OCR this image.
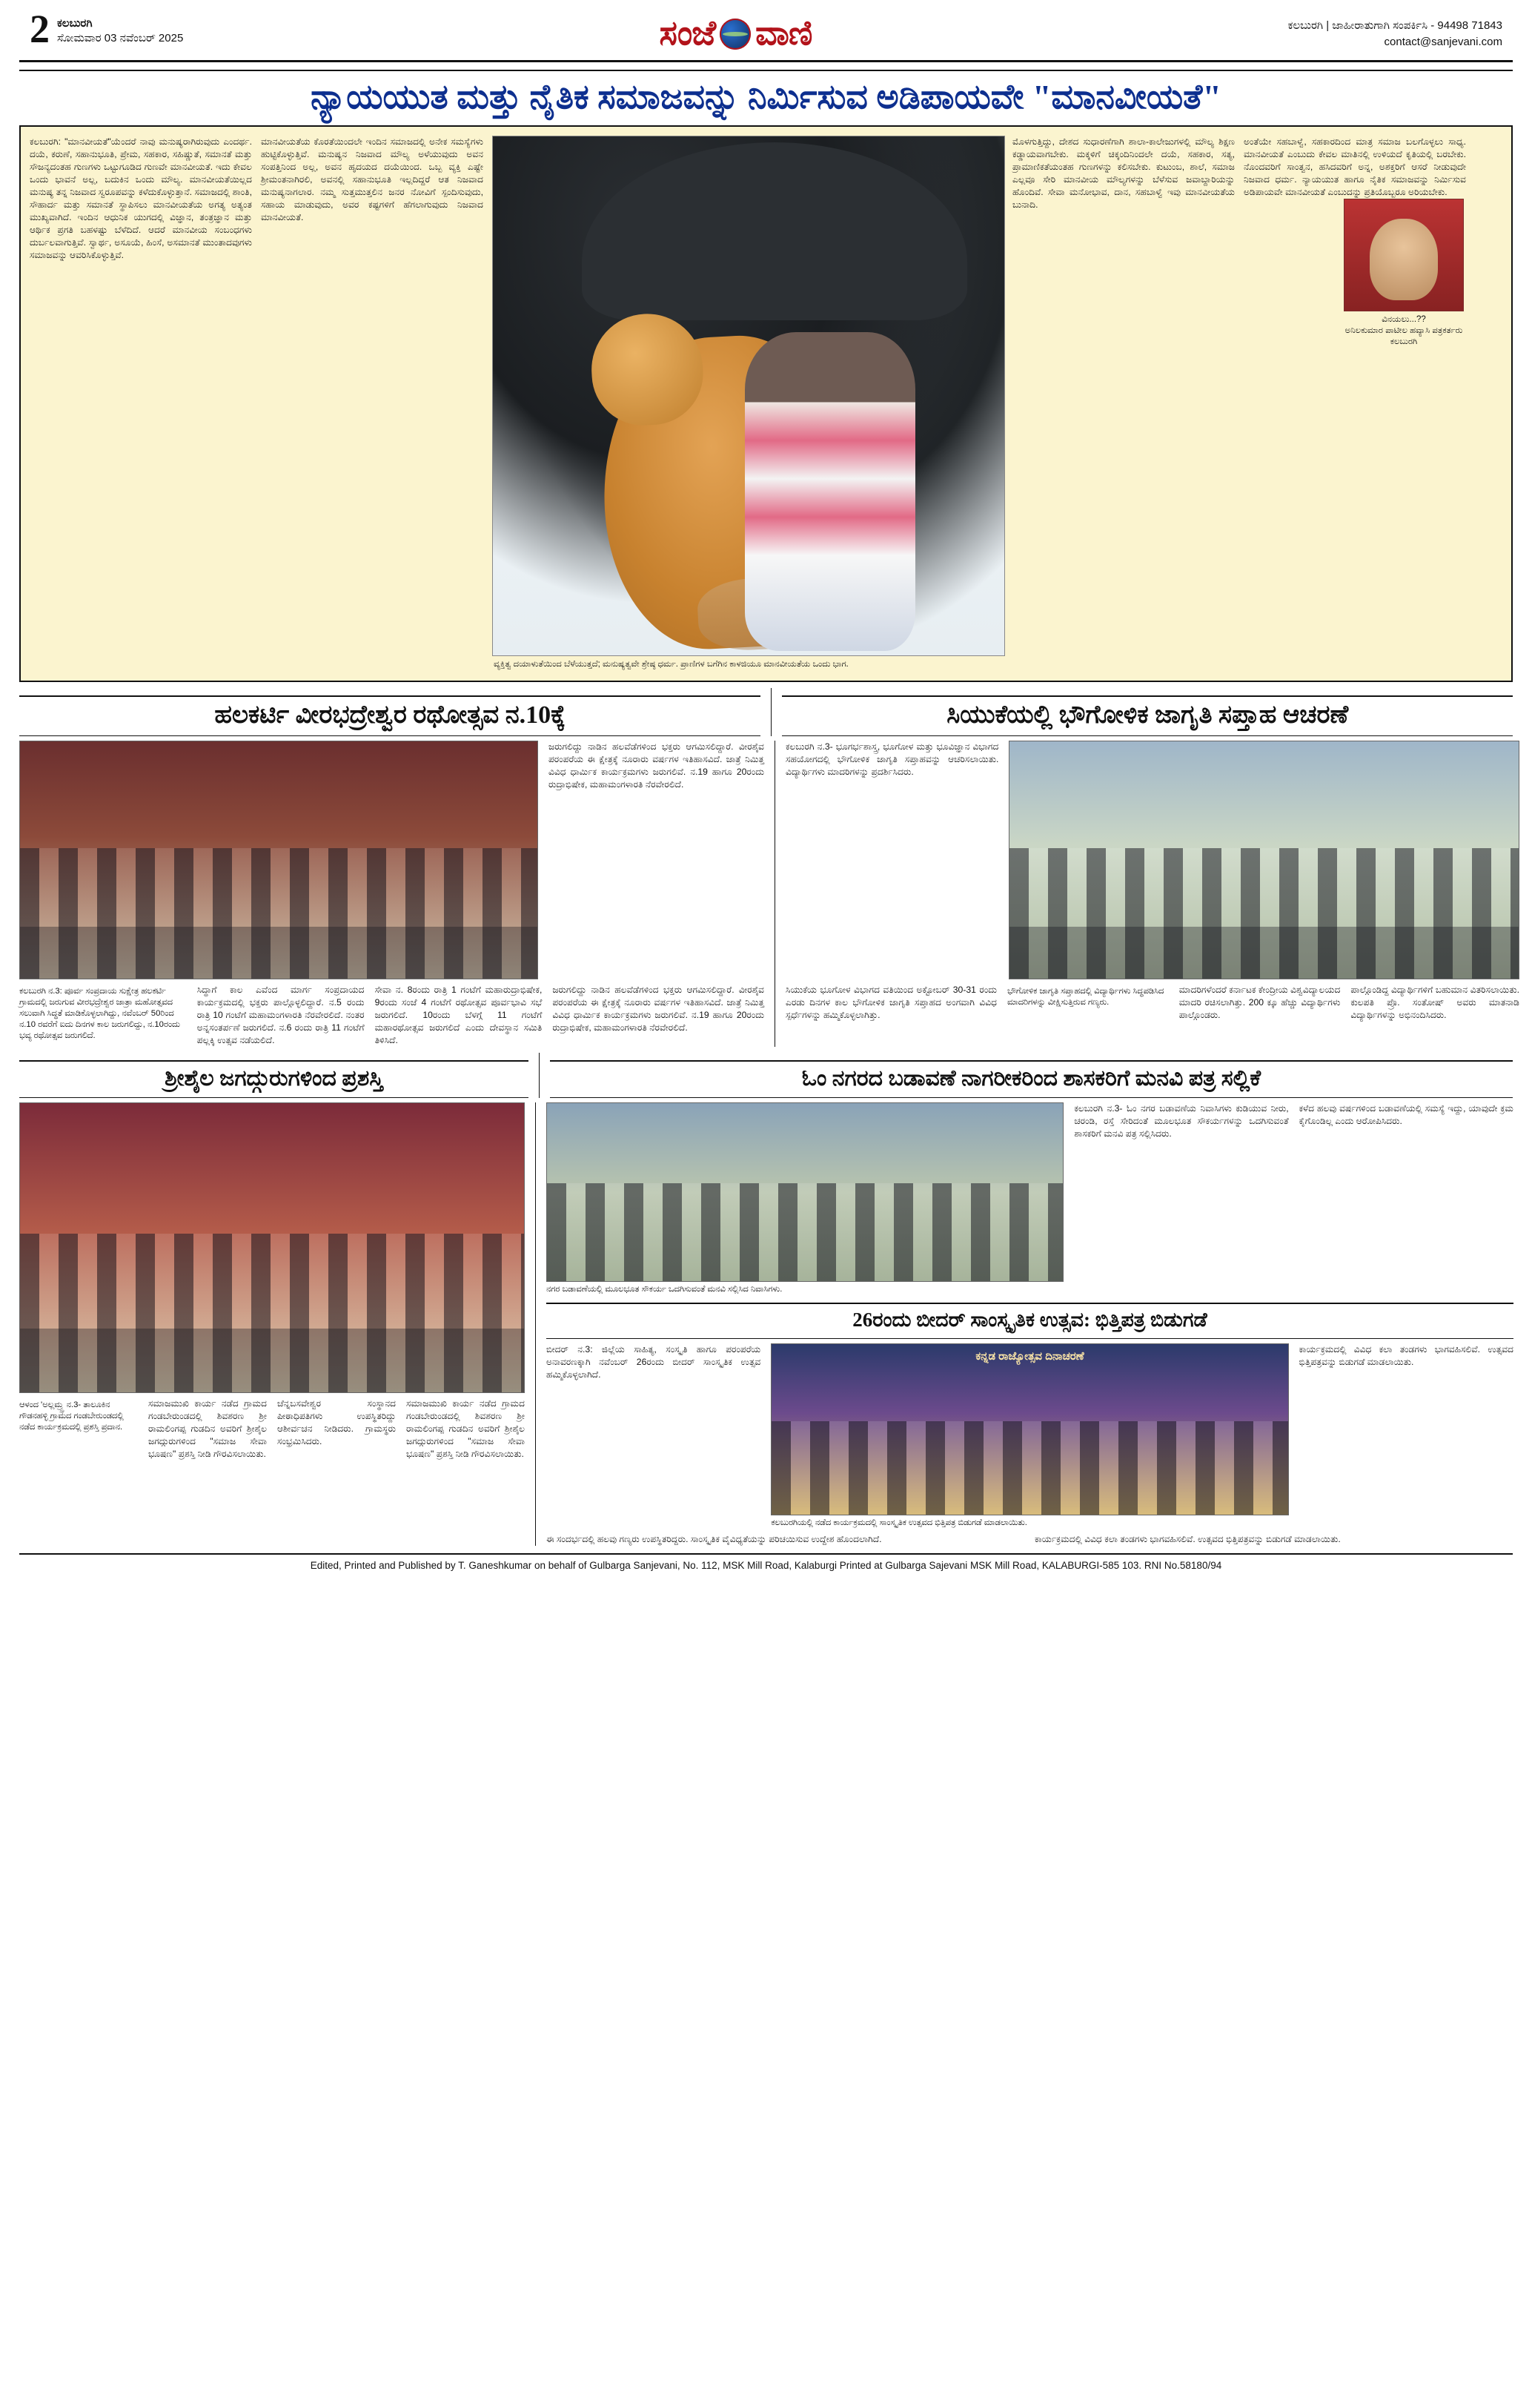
2 ಕಲಬುರಗಿ
ಸೋಮವಾರ 03 ನವೆಂಬರ್ 2025	ಸಂಜೆ ವಾಣಿ	ಕಲಬುರಗಿ | ಜಾಹೀರಾತುಗಾಗಿ ಸಂಪರ್ಕಿಸಿ - 94498 71843
contact@sanjevani.com
ನ್ಯಾಯಯುತ ಮತ್ತು ನೈತಿಕ ಸಮಾಜವನ್ನು ನಿರ್ಮಿಸುವ ಅಡಿಪಾಯವೇ "ಮಾನವೀಯತೆ"
ಕಲಬುರಗಿ: "ಮಾನವೀಯತೆ"ಯೆಂದರೆ ನಾವು ಮನುಷ್ಯರಾಗಿರುವುದು ಎಂದರ್ಥ. ದಯೆ, ಕರುಣೆ, ಸಹಾನುಭೂತಿ, ಪ್ರೇಮ, ಸಹಕಾರ, ಸಹಿಷ್ಣುತೆ, ಸಮಾನತೆ ಮತ್ತು ಸೌಜನ್ಯದಂತಹ ಗುಣಗಳು ಒಟ್ಟುಗೂಡಿದ ಗುಣವೇ ಮಾನವೀಯತೆ. ಇದು ಕೇವಲ ಒಂದು ಭಾವನೆ ಅಲ್ಲ, ಬದುಕಿನ ಒಂದು ಮೌಲ್ಯ. ಮಾನವೀಯತೆಯಿಲ್ಲದ ಮನುಷ್ಯ ತನ್ನ ನಿಜವಾದ ಸ್ವರೂಪವನ್ನು ಕಳೆದುಕೊಳ್ಳುತ್ತಾನೆ. ಸಮಾಜದಲ್ಲಿ ಶಾಂತಿ, ಸೌಹಾರ್ದ ಮತ್ತು ಸಮಾನತೆ ಸ್ಥಾಪಿಸಲು ಮಾನವೀಯತೆಯ ಅಗತ್ಯ ಅತ್ಯಂತ ಮುಖ್ಯವಾಗಿದೆ. ಇಂದಿನ ಆಧುನಿಕ ಯುಗದಲ್ಲಿ ವಿಜ್ಞಾನ, ತಂತ್ರಜ್ಞಾನ ಮತ್ತು ಆರ್ಥಿಕ ಪ್ರಗತಿ ಬಹಳಷ್ಟು ಬೆಳೆದಿದೆ. ಆದರೆ ಮಾನವೀಯ ಸಂಬಂಧಗಳು ದುರ್ಬಲವಾಗುತ್ತಿವೆ. ಸ್ವಾರ್ಥ, ಅಸೂಯೆ, ಹಿಂಸೆ, ಅಸಮಾನತೆ ಮುಂತಾದವುಗಳು ಸಮಾಜವನ್ನು ಆವರಿಸಿಕೊಳ್ಳುತ್ತಿವೆ.
ಮಾನವೀಯತೆಯ ಕೊರತೆಯಿಂದಲೇ ಇಂದಿನ ಸಮಾಜದಲ್ಲಿ ಅನೇಕ ಸಮಸ್ಯೆಗಳು ಹುಟ್ಟಿಕೊಳ್ಳುತ್ತಿವೆ. ಮನುಷ್ಯನ ನಿಜವಾದ ಮೌಲ್ಯ ಅಳೆಯುವುದು ಅವನ ಸಂಪತ್ತಿನಿಂದ ಅಲ್ಲ, ಅವನ ಹೃದಯದ ದಯೆಯಿಂದ. ಒಬ್ಬ ವ್ಯಕ್ತಿ ಎಷ್ಟೇ ಶ್ರೀಮಂತನಾಗಿರಲಿ, ಅವನಲ್ಲಿ ಸಹಾನುಭೂತಿ ಇಲ್ಲದಿದ್ದರೆ ಆತ ನಿಜವಾದ ಮನುಷ್ಯನಾಗಲಾರ. ನಮ್ಮ ಸುತ್ತಮುತ್ತಲಿನ ಜನರ ನೋವಿಗೆ ಸ್ಪಂದಿಸುವುದು, ಸಹಾಯ ಮಾಡುವುದು, ಅವರ ಕಷ್ಟಗಳಿಗೆ ಹೆಗಲಾಗುವುದು ನಿಜವಾದ ಮಾನವೀಯತೆ.
ವ್ಯಕ್ತಿತ್ವ ದಯಾಳುತೆಯಿಂದ ಬೆಳೆಯುತ್ತದೆ; ಮನುಷ್ಯತ್ವವೇ ಶ್ರೇಷ್ಠ ಧರ್ಮ. ಪ್ರಾಣಿಗಳ ಬಗೆಗಿನ ಕಾಳಜಿಯೂ ಮಾನವೀಯತೆಯ ಒಂದು ಭಾಗ.
ಮೊಳಗುತ್ತಿದ್ದು, ದೇಶದ ಸುಧಾರಣೆಗಾಗಿ ಶಾಲಾ-ಕಾಲೇಜುಗಳಲ್ಲಿ ಮೌಲ್ಯ ಶಿಕ್ಷಣ ಕಡ್ಡಾಯವಾಗಬೇಕು. ಮಕ್ಕಳಿಗೆ ಚಿಕ್ಕಂದಿನಿಂದಲೇ ದಯೆ, ಸಹಕಾರ, ಸತ್ಯ, ಪ್ರಾಮಾಣಿಕತೆಯಂತಹ ಗುಣಗಳನ್ನು ಕಲಿಸಬೇಕು. ಕುಟುಂಬ, ಶಾಲೆ, ಸಮಾಜ ಎಲ್ಲವೂ ಸೇರಿ ಮಾನವೀಯ ಮೌಲ್ಯಗಳನ್ನು ಬೆಳೆಸುವ ಜವಾಬ್ದಾರಿಯನ್ನು ಹೊಂದಿವೆ. ಸೇವಾ ಮನೋಭಾವ, ದಾನ, ಸಹಬಾಳ್ವೆ ಇವು ಮಾನವೀಯತೆಯ ಬುನಾದಿ.
ಅಂತೆಯೇ ಸಹಬಾಳ್ವೆ, ಸಹಕಾರದಿಂದ ಮಾತ್ರ ಸಮಾಜ ಬಲಗೊಳ್ಳಲು ಸಾಧ್ಯ. ಮಾನವೀಯತೆ ಎಂಬುದು ಕೇವಲ ಮಾತಿನಲ್ಲಿ ಉಳಿಯದೆ ಕೃತಿಯಲ್ಲಿ ಬರಬೇಕು. ನೊಂದವರಿಗೆ ಸಾಂತ್ವನ, ಹಸಿದವರಿಗೆ ಅನ್ನ, ಅಶಕ್ತರಿಗೆ ಆಸರೆ ನೀಡುವುದೇ ನಿಜವಾದ ಧರ್ಮ. ನ್ಯಾಯಯುತ ಹಾಗೂ ನೈತಿಕ ಸಮಾಜವನ್ನು ನಿರ್ಮಿಸುವ ಅಡಿಪಾಯವೇ ಮಾನವೀಯತೆ ಎಂಬುದನ್ನು ಪ್ರತಿಯೊಬ್ಬರೂ ಅರಿಯಬೇಕು.
ವಿನಯಲು...??
ಅನಿಲಕುಮಾರ ಪಾಟೀಲ ಹವ್ಯಾಸಿ ಪತ್ರಕರ್ತರು ಕಲಬುರಗಿ
ಹಲಕರ್ಟಿ ವೀರಭದ್ರೇಶ್ವರ ರಥೋತ್ಸವ ನ.10ಕ್ಕೆ	ಸಿಯುಕೆಯಲ್ಲಿ ಭೌಗೋಳಿಕ ಜಾಗೃತಿ ಸಪ್ತಾಹ ಆಚರಣೆ
ಜರುಗಲಿದ್ದು ನಾಡಿನ ಹಲವೆಡೆಗಳಿಂದ ಭಕ್ತರು ಆಗಮಿಸಲಿದ್ದಾರೆ. ವೀರಶೈವ ಪರಂಪರೆಯ ಈ ಕ್ಷೇತ್ರಕ್ಕೆ ನೂರಾರು ವರ್ಷಗಳ ಇತಿಹಾಸವಿದೆ. ಜಾತ್ರೆ ನಿಮಿತ್ತ ವಿವಿಧ ಧಾರ್ಮಿಕ ಕಾರ್ಯಕ್ರಮಗಳು ಜರುಗಲಿವೆ. ನ.19 ಹಾಗೂ 20ರಂದು ರುದ್ರಾಭಿಷೇಕ, ಮಹಾಮಂಗಳಾರತಿ ನೆರವೇರಲಿದೆ.
ಕಲಬುರಗಿ ನ.3: ಪೂರ್ವ ಸಂಪ್ರದಾಯ ಸುಕ್ಷೇತ್ರ ಹಲಕರ್ಟಿ ಗ್ರಾಮದಲ್ಲಿ ಜರುಗುವ ವೀರಭದ್ರೇಶ್ವರ ಜಾತ್ರಾ ಮಹೋತ್ಸವದ ಸಲುವಾಗಿ ಸಿದ್ಧತೆ ಮಾಡಿಕೊಳ್ಳಲಾಗಿದ್ದು, ನವೆಂಬರ್ 50ರಿಂದ ನ.10 ರವರೆಗೆ ಐದು ದಿನಗಳ ಕಾಲ ಜರುಗಲಿದ್ದು, ನ.10ರಂದು ಭವ್ಯ ರಥೋತ್ಸವ ಜರುಗಲಿದೆ.
ಸಿದ್ಧಾಗೆ ಕಾಲ ಎವೆಂದ ಮಾರ್ಗ ಸಂಪ್ರದಾಯದ ಕಾರ್ಯಕ್ರಮದಲ್ಲಿ ಭಕ್ತರು ಪಾಲ್ಗೊಳ್ಳಲಿದ್ದಾರೆ. ನ.5 ರಂದು ರಾತ್ರಿ 10 ಗಂಟೆಗೆ ಮಹಾಮಂಗಳಾರತಿ ನೆರವೇರಲಿದೆ. ನಂತರ ಅನ್ನಸಂತರ್ಪಣೆ ಜರುಗಲಿದೆ. ನ.6 ರಂದು ರಾತ್ರಿ 11 ಗಂಟೆಗೆ ಪಲ್ಲಕ್ಕಿ ಉತ್ಸವ ನಡೆಯಲಿದೆ.
ಸೇವಾ ನ. 8ರಂದು ರಾತ್ರಿ 1 ಗಂಟೆಗೆ ಮಹಾರುದ್ರಾಭಿಷೇಕ, 9ರಂದು ಸಂಜೆ 4 ಗಂಟೆಗೆ ರಥೋತ್ಸವ ಪೂರ್ವಭಾವಿ ಸಭೆ ಜರುಗಲಿದೆ. 10ರಂದು ಬೆಳಗ್ಗೆ 11 ಗಂಟೆಗೆ ಮಹಾರಥೋತ್ಸವ ಜರುಗಲಿದೆ ಎಂದು ದೇವಸ್ಥಾನ ಸಮಿತಿ ತಿಳಿಸಿದೆ.
ಜರುಗಲಿದ್ದು ನಾಡಿನ ಹಲವೆಡೆಗಳಿಂದ ಭಕ್ತರು ಆಗಮಿಸಲಿದ್ದಾರೆ. ವೀರಶೈವ ಪರಂಪರೆಯ ಈ ಕ್ಷೇತ್ರಕ್ಕೆ ನೂರಾರು ವರ್ಷಗಳ ಇತಿಹಾಸವಿದೆ. ಜಾತ್ರೆ ನಿಮಿತ್ತ ವಿವಿಧ ಧಾರ್ಮಿಕ ಕಾರ್ಯಕ್ರಮಗಳು ಜರುಗಲಿವೆ. ನ.19 ಹಾಗೂ 20ರಂದು ರುದ್ರಾಭಿಷೇಕ, ಮಹಾಮಂಗಳಾರತಿ ನೆರವೇರಲಿದೆ.
ಕಲಬುರಗಿ ನ.3- ಭೂಗರ್ಭಶಾಸ್ತ್ರ, ಭೂಗೋಳ ಮತ್ತು ಭೂವಿಜ್ಞಾನ ವಿಭಾಗದ ಸಹಯೋಗದಲ್ಲಿ ಭೌಗೋಳಿಕ ಜಾಗೃತಿ ಸಪ್ತಾಹವನ್ನು ಆಚರಿಸಲಾಯಿತು. ವಿದ್ಯಾರ್ಥಿಗಳು ಮಾದರಿಗಳನ್ನು ಪ್ರದರ್ಶಿಸಿದರು.
ಸಿಯುಕೆಯ ಭೂಗೋಳ ವಿಭಾಗದ ವತಿಯಿಂದ ಅಕ್ಟೋಬರ್ 30-31 ರಂದು ಎರಡು ದಿನಗಳ ಕಾಲ ಭೌಗೋಳಿಕ ಜಾಗೃತಿ ಸಪ್ತಾಹದ ಅಂಗವಾಗಿ ವಿವಿಧ ಸ್ಪರ್ಧೆಗಳನ್ನು ಹಮ್ಮಿಕೊಳ್ಳಲಾಗಿತ್ತು.
ಭೌಗೋಳಿಕ ಜಾಗೃತಿ ಸಪ್ತಾಹದಲ್ಲಿ ವಿದ್ಯಾರ್ಥಿಗಳು ಸಿದ್ಧಪಡಿಸಿದ ಮಾದರಿಗಳನ್ನು ವೀಕ್ಷಿಸುತ್ತಿರುವ ಗಣ್ಯರು.
ಮಾದರಿಗಳೆಂದರೆ ಕರ್ನಾಟಕ ಕೇಂದ್ರೀಯ ವಿಶ್ವವಿದ್ಯಾಲಯದ ಮಾದರಿ ರಚಿಸಲಾಗಿತ್ತು. 200 ಕ್ಕೂ ಹೆಚ್ಚು ವಿದ್ಯಾರ್ಥಿಗಳು ಪಾಲ್ಗೊಂಡರು.
ಪಾಲ್ಗೊಂಡಿದ್ದ ವಿದ್ಯಾರ್ಥಿಗಳಿಗೆ ಬಹುಮಾನ ವಿತರಿಸಲಾಯಿತು. ಕುಲಪತಿ ಪ್ರೊ. ಸಂತೋಷ್ ಅವರು ಮಾತನಾಡಿ ವಿದ್ಯಾರ್ಥಿಗಳನ್ನು ಅಭಿನಂದಿಸಿದರು.
ಶ್ರೀಶೈಲ ಜಗದ್ಗುರುಗಳಿಂದ ಪ್ರಶಸ್ತಿ	ಓಂ ನಗರದ ಬಡಾವಣೆ ನಾಗರೀಕರಿಂದ ಶಾಸಕರಿಗೆ ಮನವಿ ಪತ್ರ ಸಲ್ಲಿಕೆ
ಆಳಂದ 'ಅಲ್ಲಮ್ರ್ಪ್ರ ನ.3- ತಾಲೂಕಿನ ಗೌಡನಹಳ್ಳಿ ಗ್ರಾಮದ ಗಂಡಬೇರುಂಡದಲ್ಲಿ ನಡೆದ ಕಾರ್ಯಕ್ರಮದಲ್ಲಿ ಪ್ರಶಸ್ತಿ ಪ್ರದಾನ.
ಸಮಾಜಮುಖಿ ಕಾರ್ಯ ನಡೆದ ಗ್ರಾಮದ ಗಂಡಬೇರುಂಡದಲ್ಲಿ ಶಿವಶರಣ ಶ್ರೀ ರಾಮಲಿಂಗಪ್ಪ ಗುಡದಿನ ಅವರಿಗೆ ಶ್ರೀಶೈಲ ಜಗದ್ಗುರುಗಳಿಂದ "ಸಮಾಜ ಸೇವಾ ಭೂಷಣ" ಪ್ರಶಸ್ತಿ ನೀಡಿ ಗೌರವಿಸಲಾಯಿತು.
ಚೆನ್ನಬಸವೇಶ್ವರ ಸಂಸ್ಥಾನದ ಪೀಠಾಧಿಪತಿಗಳು ಉಪಸ್ಥಿತರಿದ್ದು ಆಶೀರ್ವಚನ ನೀಡಿದರು. ಗ್ರಾಮಸ್ಥರು ಸಂಭ್ರಮಿಸಿದರು.
ಸಮಾಜಮುಖಿ ಕಾರ್ಯ ನಡೆದ ಗ್ರಾಮದ ಗಂಡಬೇರುಂಡದಲ್ಲಿ ಶಿವಶರಣ ಶ್ರೀ ರಾಮಲಿಂಗಪ್ಪ ಗುಡದಿನ ಅವರಿಗೆ ಶ್ರೀಶೈಲ ಜಗದ್ಗುರುಗಳಿಂದ "ಸಮಾಜ ಸೇವಾ ಭೂಷಣ" ಪ್ರಶಸ್ತಿ ನೀಡಿ ಗೌರವಿಸಲಾಯಿತು.
ನಗರ ಬಡಾವಣೆಯಲ್ಲಿ ಮೂಲಭೂತ ಸೌಕರ್ಯ ಒದಗಿಸುವಂತೆ ಮನವಿ ಸಲ್ಲಿಸಿದ ನಿವಾಸಿಗಳು.
ಕಲಬುರಗಿ ನ.3- ಓಂ ನಗರ ಬಡಾವಣೆಯ ನಿವಾಸಿಗಳು ಕುಡಿಯುವ ನೀರು, ಚರಂಡಿ, ರಸ್ತೆ ಸೇರಿದಂತೆ ಮೂಲಭೂತ ಸೌಕರ್ಯಗಳನ್ನು ಒದಗಿಸುವಂತೆ ಶಾಸಕರಿಗೆ ಮನವಿ ಪತ್ರ ಸಲ್ಲಿಸಿದರು.
ಕಳೆದ ಹಲವು ವರ್ಷಗಳಿಂದ ಬಡಾವಣೆಯಲ್ಲಿ ಸಮಸ್ಯೆ ಇದ್ದು, ಯಾವುದೇ ಕ್ರಮ ಕೈಗೊಂಡಿಲ್ಲ ಎಂದು ಆರೋಪಿಸಿದರು.
26ರಂದು ಬೀದರ್ ಸಾಂಸ್ಕೃತಿಕ ಉತ್ಸವ: ಭಿತ್ತಿಪತ್ರ ಬಿಡುಗಡೆ
ಬೀದರ್ ನ.3: ಜಿಲ್ಲೆಯ ಸಾಹಿತ್ಯ, ಸಂಸ್ಕೃತಿ ಹಾಗೂ ಪರಂಪರೆಯ ಅನಾವರಣಕ್ಕಾಗಿ ನವೆಂಬರ್ 26ರಂದು ಬೀದರ್ ಸಾಂಸ್ಕೃತಿಕ ಉತ್ಸವ ಹಮ್ಮಿಕೊಳ್ಳಲಾಗಿದೆ.
ಕನ್ನಡ ರಾಜ್ಯೋತ್ಸವ ದಿನಾಚರಣೆ
ಕಲಬುರಗಿಯಲ್ಲಿ ನಡೆದ ಕಾರ್ಯಕ್ರಮದಲ್ಲಿ ಸಾಂಸ್ಕೃತಿಕ ಉತ್ಸವದ ಭಿತ್ತಿಪತ್ರ ಬಿಡುಗಡೆ ಮಾಡಲಾಯಿತು.
ಕಾರ್ಯಕ್ರಮದಲ್ಲಿ ವಿವಿಧ ಕಲಾ ತಂಡಗಳು ಭಾಗವಹಿಸಲಿವೆ. ಉತ್ಸವದ ಭಿತ್ತಿಪತ್ರವನ್ನು ಬಿಡುಗಡೆ ಮಾಡಲಾಯಿತು.
ಈ ಸಂದರ್ಭದಲ್ಲಿ ಹಲವು ಗಣ್ಯರು ಉಪಸ್ಥಿತರಿದ್ದರು. ಸಾಂಸ್ಕೃತಿಕ ವೈವಿಧ್ಯತೆಯನ್ನು ಪರಿಚಯಿಸುವ ಉದ್ದೇಶ ಹೊಂದಲಾಗಿದೆ.	ಕಾರ್ಯಕ್ರಮದಲ್ಲಿ ವಿವಿಧ ಕಲಾ ತಂಡಗಳು ಭಾಗವಹಿಸಲಿವೆ. ಉತ್ಸವದ ಭಿತ್ತಿಪತ್ರವನ್ನು ಬಿಡುಗಡೆ ಮಾಡಲಾಯಿತು.
Edited, Printed and Published by T. Ganeshkumar on behalf of Gulbarga Sanjevani, No. 112, MSK Mill Road, Kalaburgi Printed at Gulbarga Sajevani MSK Mill Road, KALABURGI-585 103. RNI No.58180/94
